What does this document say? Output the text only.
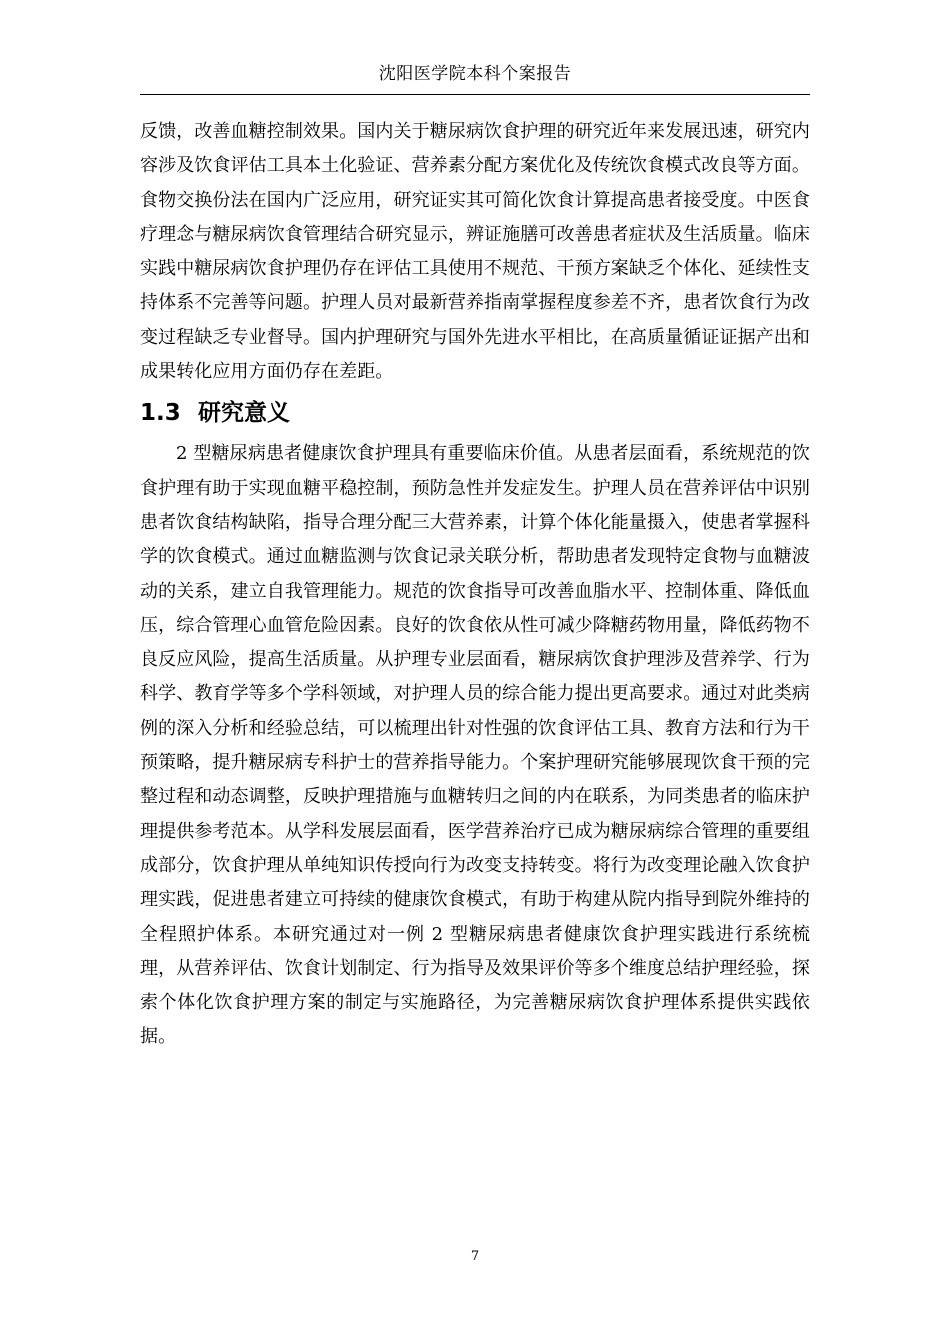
沈阳医学院本科个案报告

反馈，改善血糖控制效果。国内关于糖尿病饮食护理的研究近年来发展迅速，研究内容涉及饮食评估工具本土化验证、营养素分配方案优化及传统饮食模式改良等方面。食物交换份法在国内广泛应用，研究证实其可简化饮食计算提高患者接受度。中医食疗理念与糖尿病饮食管理结合研究显示，辨证施膳可改善患者症状及生活质量。临床实践中糖尿病饮食护理仍存在评估工具使用不规范、干预方案缺乏个体化、延续性支持体系不完善等问题。护理人员对最新营养指南掌握程度参差不齐，患者饮食行为改变过程缺乏专业督导。国内护理研究与国外先进水平相比，在高质量循证证据产出和成果转化应用方面仍存在差距。

1.3 研究意义

2 型糖尿病患者健康饮食护理具有重要临床价值。从患者层面看，系统规范的饮食护理有助于实现血糖平稳控制，预防急性并发症发生。护理人员在营养评估中识别患者饮食结构缺陷，指导合理分配三大营养素，计算个体化能量摄入，使患者掌握科学的饮食模式。通过血糖监测与饮食记录关联分析，帮助患者发现特定食物与血糖波动的关系，建立自我管理能力。规范的饮食指导可改善血脂水平、控制体重、降低血压，综合管理心血管危险因素。良好的饮食依从性可减少降糖药物用量，降低药物不良反应风险，提高生活质量。从护理专业层面看，糖尿病饮食护理涉及营养学、行为科学、教育学等多个学科领域，对护理人员的综合能力提出更高要求。通过对此类病例的深入分析和经验总结，可以梳理出针对性强的饮食评估工具、教育方法和行为干预策略，提升糖尿病专科护士的营养指导能力。个案护理研究能够展现饮食干预的完整过程和动态调整，反映护理措施与血糖转归之间的内在联系，为同类患者的临床护理提供参考范本。从学科发展层面看，医学营养治疗已成为糖尿病综合管理的重要组成部分，饮食护理从单纯知识传授向行为改变支持转变。将行为改变理论融入饮食护理实践，促进患者建立可持续的健康饮食模式，有助于构建从院内指导到院外维持的全程照护体系。本研究通过对一例 2 型糖尿病患者健康饮食护理实践进行系统梳理，从营养评估、饮食计划制定、行为指导及效果评价等多个维度总结护理经验，探索个体化饮食护理方案的制定与实施路径，为完善糖尿病饮食护理体系提供实践依据。

7
